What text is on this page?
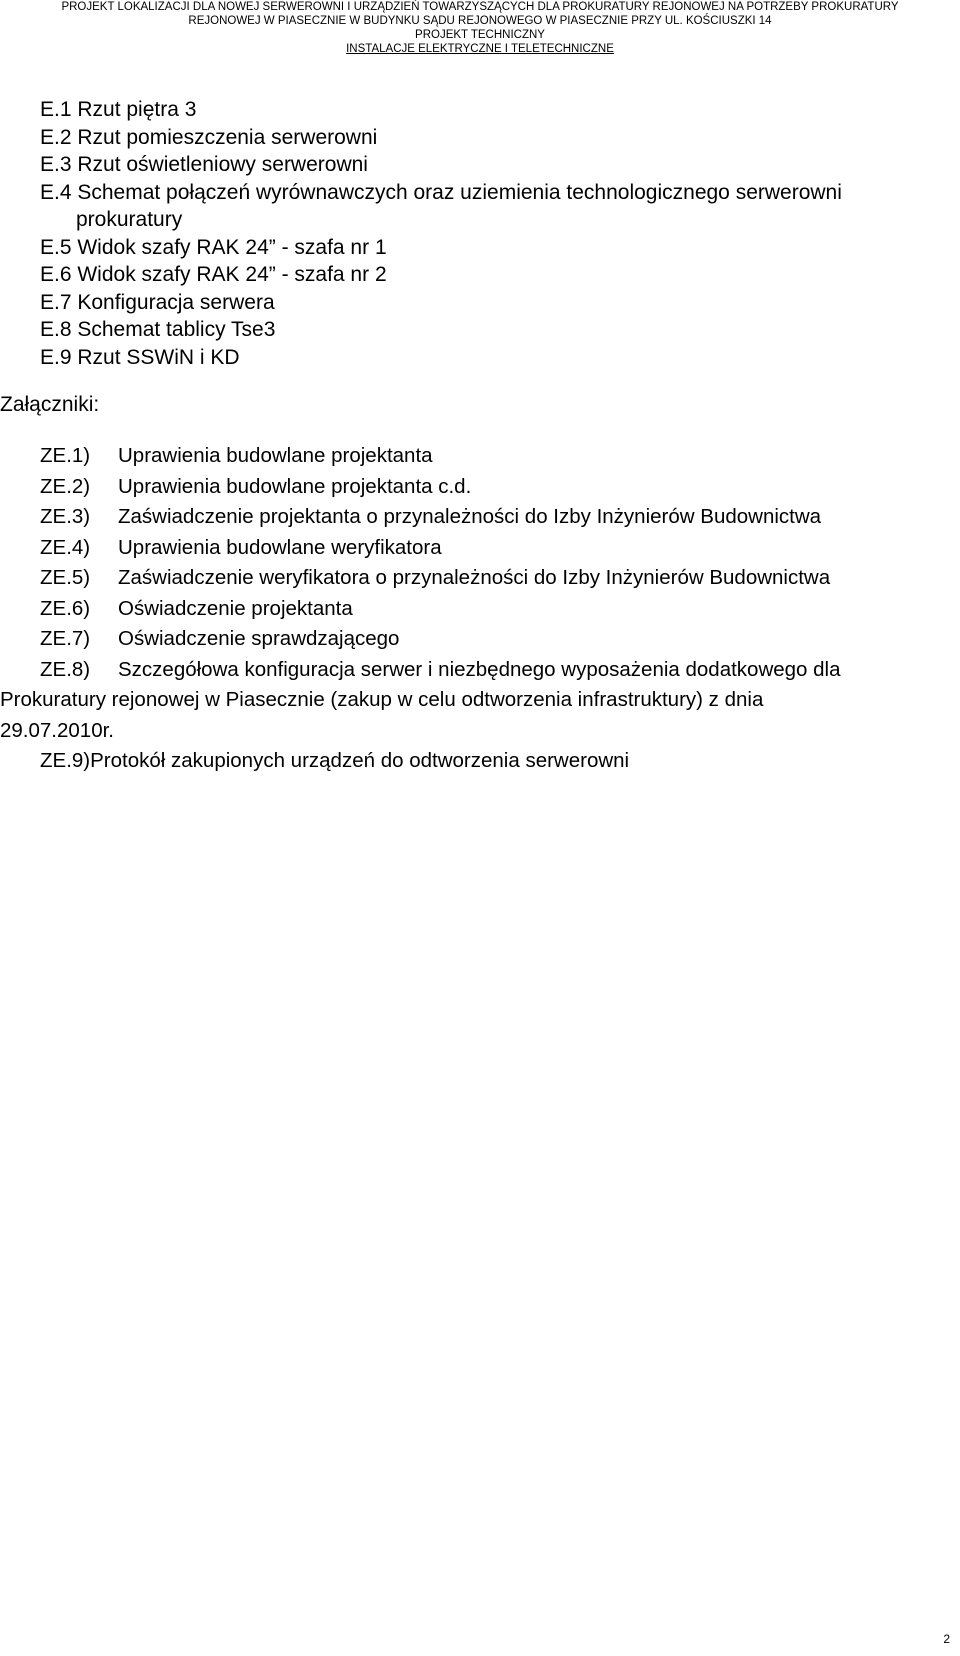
PROJEKT LOKALIZACJI DLA NOWEJ SERWEROWNI I URZĄDZIEŃ TOWARZYSZĄCYCH DLA PROKURATURY REJONOWEJ NA POTRZEBY PROKURATURY
REJONOWEJ W PIASECZNIE W BUDYNKU SĄDU REJONOWEGO W PIASECZNIE PRZY UL. KOŚCIUSZKI 14
PROJEKT TECHNICZNY
INSTALACJE ELEKTRYCZNE I TELETECHNICZNE
E.1 Rzut piętra 3
E.2 Rzut pomieszczenia serwerowni
E.3 Rzut oświetleniowy serwerowni
E.4 Schemat połączeń wyrównawczych oraz uziemienia technologicznego serwerowni
prokuratury
E.5 Widok szafy RAK 24” - szafa nr 1
E.6 Widok szafy RAK 24” - szafa nr 2
E.7 Konfiguracja serwera
E.8 Schemat tablicy Tse3
E.9 Rzut SSWiN i KD
Załączniki:
ZE.1) Uprawienia budowlane projektanta
ZE.2) Uprawienia budowlane projektanta c.d.
ZE.3) Zaświadczenie projektanta o przynależności do Izby Inżynierów Budownictwa
ZE.4) Uprawienia budowlane weryfikatora
ZE.5) Zaświadczenie weryfikatora o przynależności do Izby Inżynierów Budownictwa
ZE.6) Oświadczenie projektanta
ZE.7) Oświadczenie sprawdzającego
ZE.8) Szczegółowa konfiguracja serwer i niezbędnego wyposażenia dodatkowego dla
Prokuratury rejonowej w Piasecznie (zakup w celu odtworzenia infrastruktury) z dnia
29.07.2010r.
ZE.9)Protokół zakupionych urządzeń do odtworzenia serwerowni
2
